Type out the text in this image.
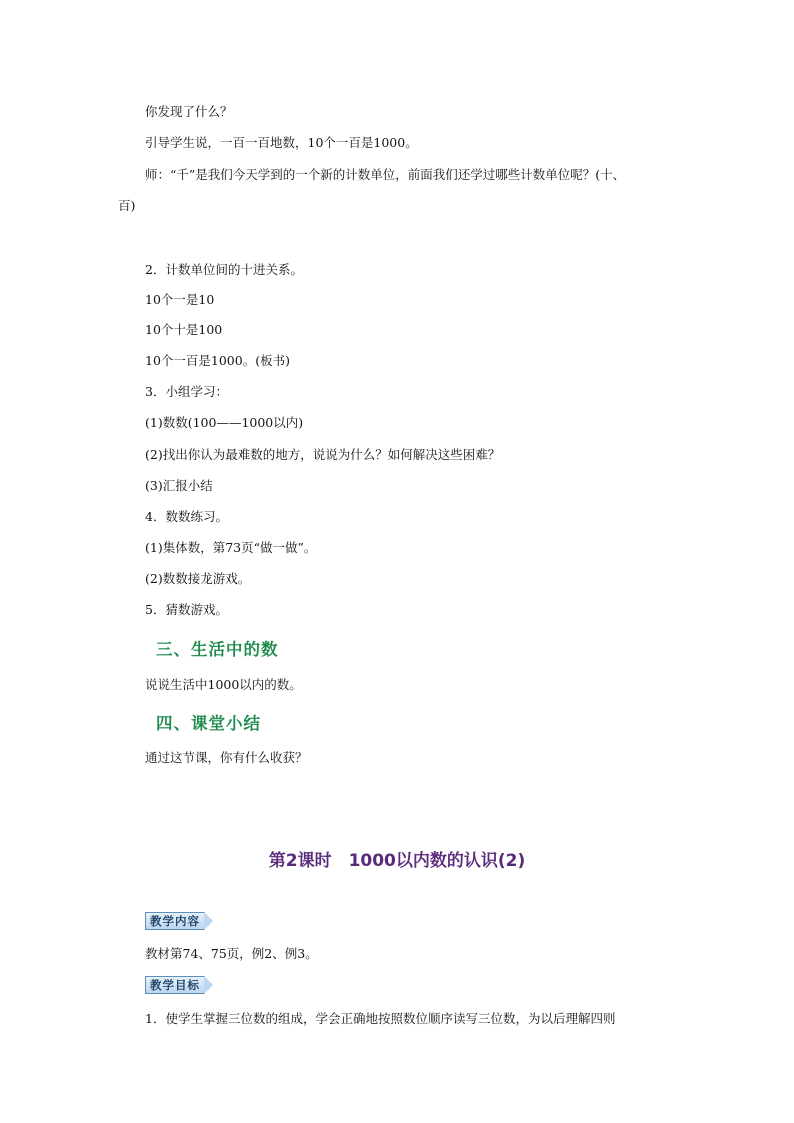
你发现了什么？
引导学生说，一百一百地数，10个一百是1000。
师：“千”是我们今天学到的一个新的计数单位，前面我们还学过哪些计数单位呢？(十、
百)
2．计数单位间的十进关系。
10个一是10
10个十是100
10个一百是1000。(板书)
3．小组学习：
(1)数数(100——1000以内)
(2)找出你认为最难数的地方，说说为什么？如何解决这些困难？
(3)汇报小结
4．数数练习。
(1)集体数，第73页“做一做”。
(2)数数接龙游戏。
5．猜数游戏。
三、生活中的数
说说生活中1000以内的数。
四、课堂小结
通过这节课，你有什么收获？
第2课时　1000以内数的认识(2)
教学内容
教材第74、75页，例2、例3。
教学目标
1．使学生掌握三位数的组成，学会正确地按照数位顺序读写三位数，为以后理解四则
